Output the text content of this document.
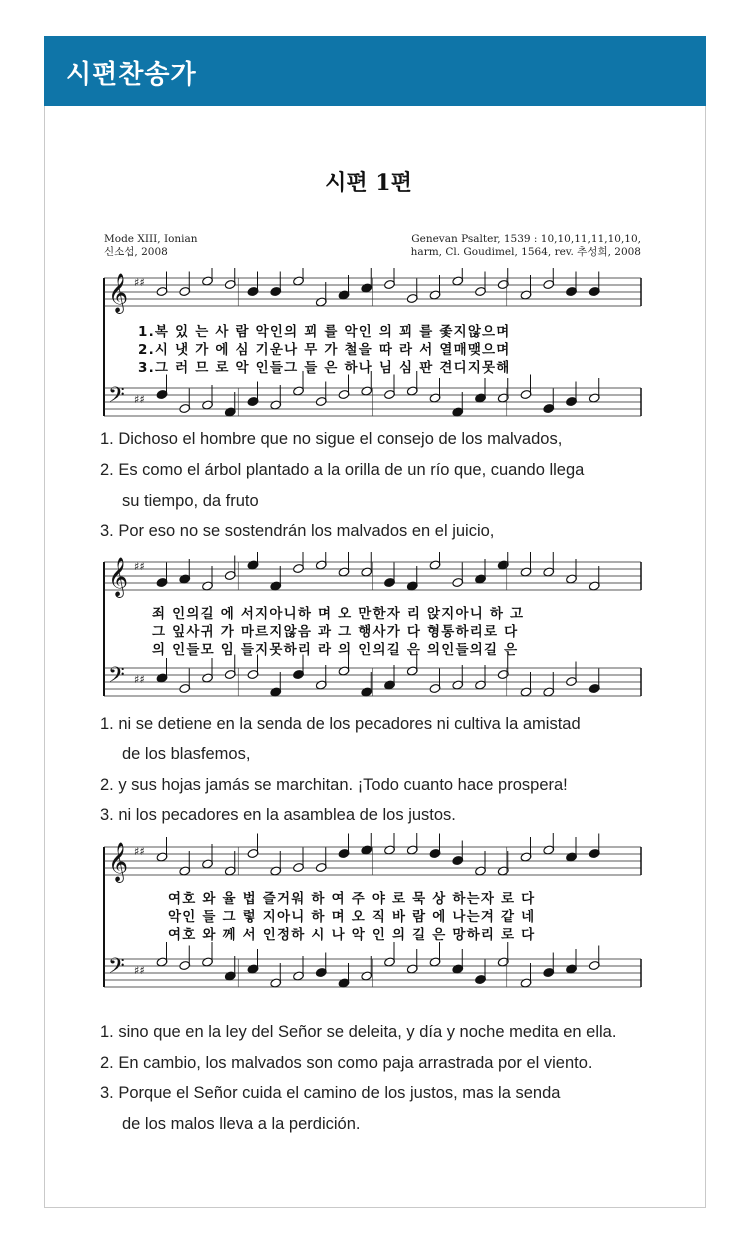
시편찬송가
시편 1편
Mode XIII, Ionian
신소섭, 2008
Genevan Psalter, 1539 : 10,10,11,11,10,10,
harm, Cl. Goudimel, 1564, rev. 추성희, 2008
𝄞 ♯♯
𝄢 ♯♯
1.복 있 는 사 람 악인의 꾀 를 악인 의 꾀 를 좇지않으며
2.시 냇 가 에 심 기운나 무 가 철을 따 라 서 열매맺으며
3.그 러 므 로 악 인들그 들 은 하나 님 심 판 견디지못해
1. Dichoso el hombre que no sigue el consejo de los malvados,
2. Es como el árbol plantado a la orilla de un río que, cuando llega
su tiempo, da fruto
3. Por eso no se sostendrán los malvados en el juicio,
𝄞 ♯♯
𝄢 ♯♯
죄 인의길 에 서지아니하 며 오 만한자 리 앉지아니 하 고
그 잎사귀 가 마르지않음 과 그 행사가 다 형통하리로 다
의 인들모 임 들지못하리 라 의 인의길 은 의인들의길 은
1. ni se detiene en la senda de los pecadores ni cultiva la amistad
de los blasfemos,
2. y sus hojas jamás se marchitan. ¡Todo cuanto hace prospera!
3. ni los pecadores en la asamblea de los justos.
𝄞 ♯♯
𝄢 ♯♯
여호 와 율 법 즐거워 하 여 주 야 로 묵 상 하는자 로 다
악인 들 그 렇 지아니 하 며 오 직 바 람 에 나는겨 같 네
여호 와 께 서 인정하 시 나 악 인 의 길 은 망하리 로 다
1. sino que en la ley del Señor se deleita, y día y noche medita en ella.
2. En cambio, los malvados son como paja arrastrada por el viento.
3. Porque el Señor cuida el camino de los justos, mas la senda
de los malos lleva a la perdición.
